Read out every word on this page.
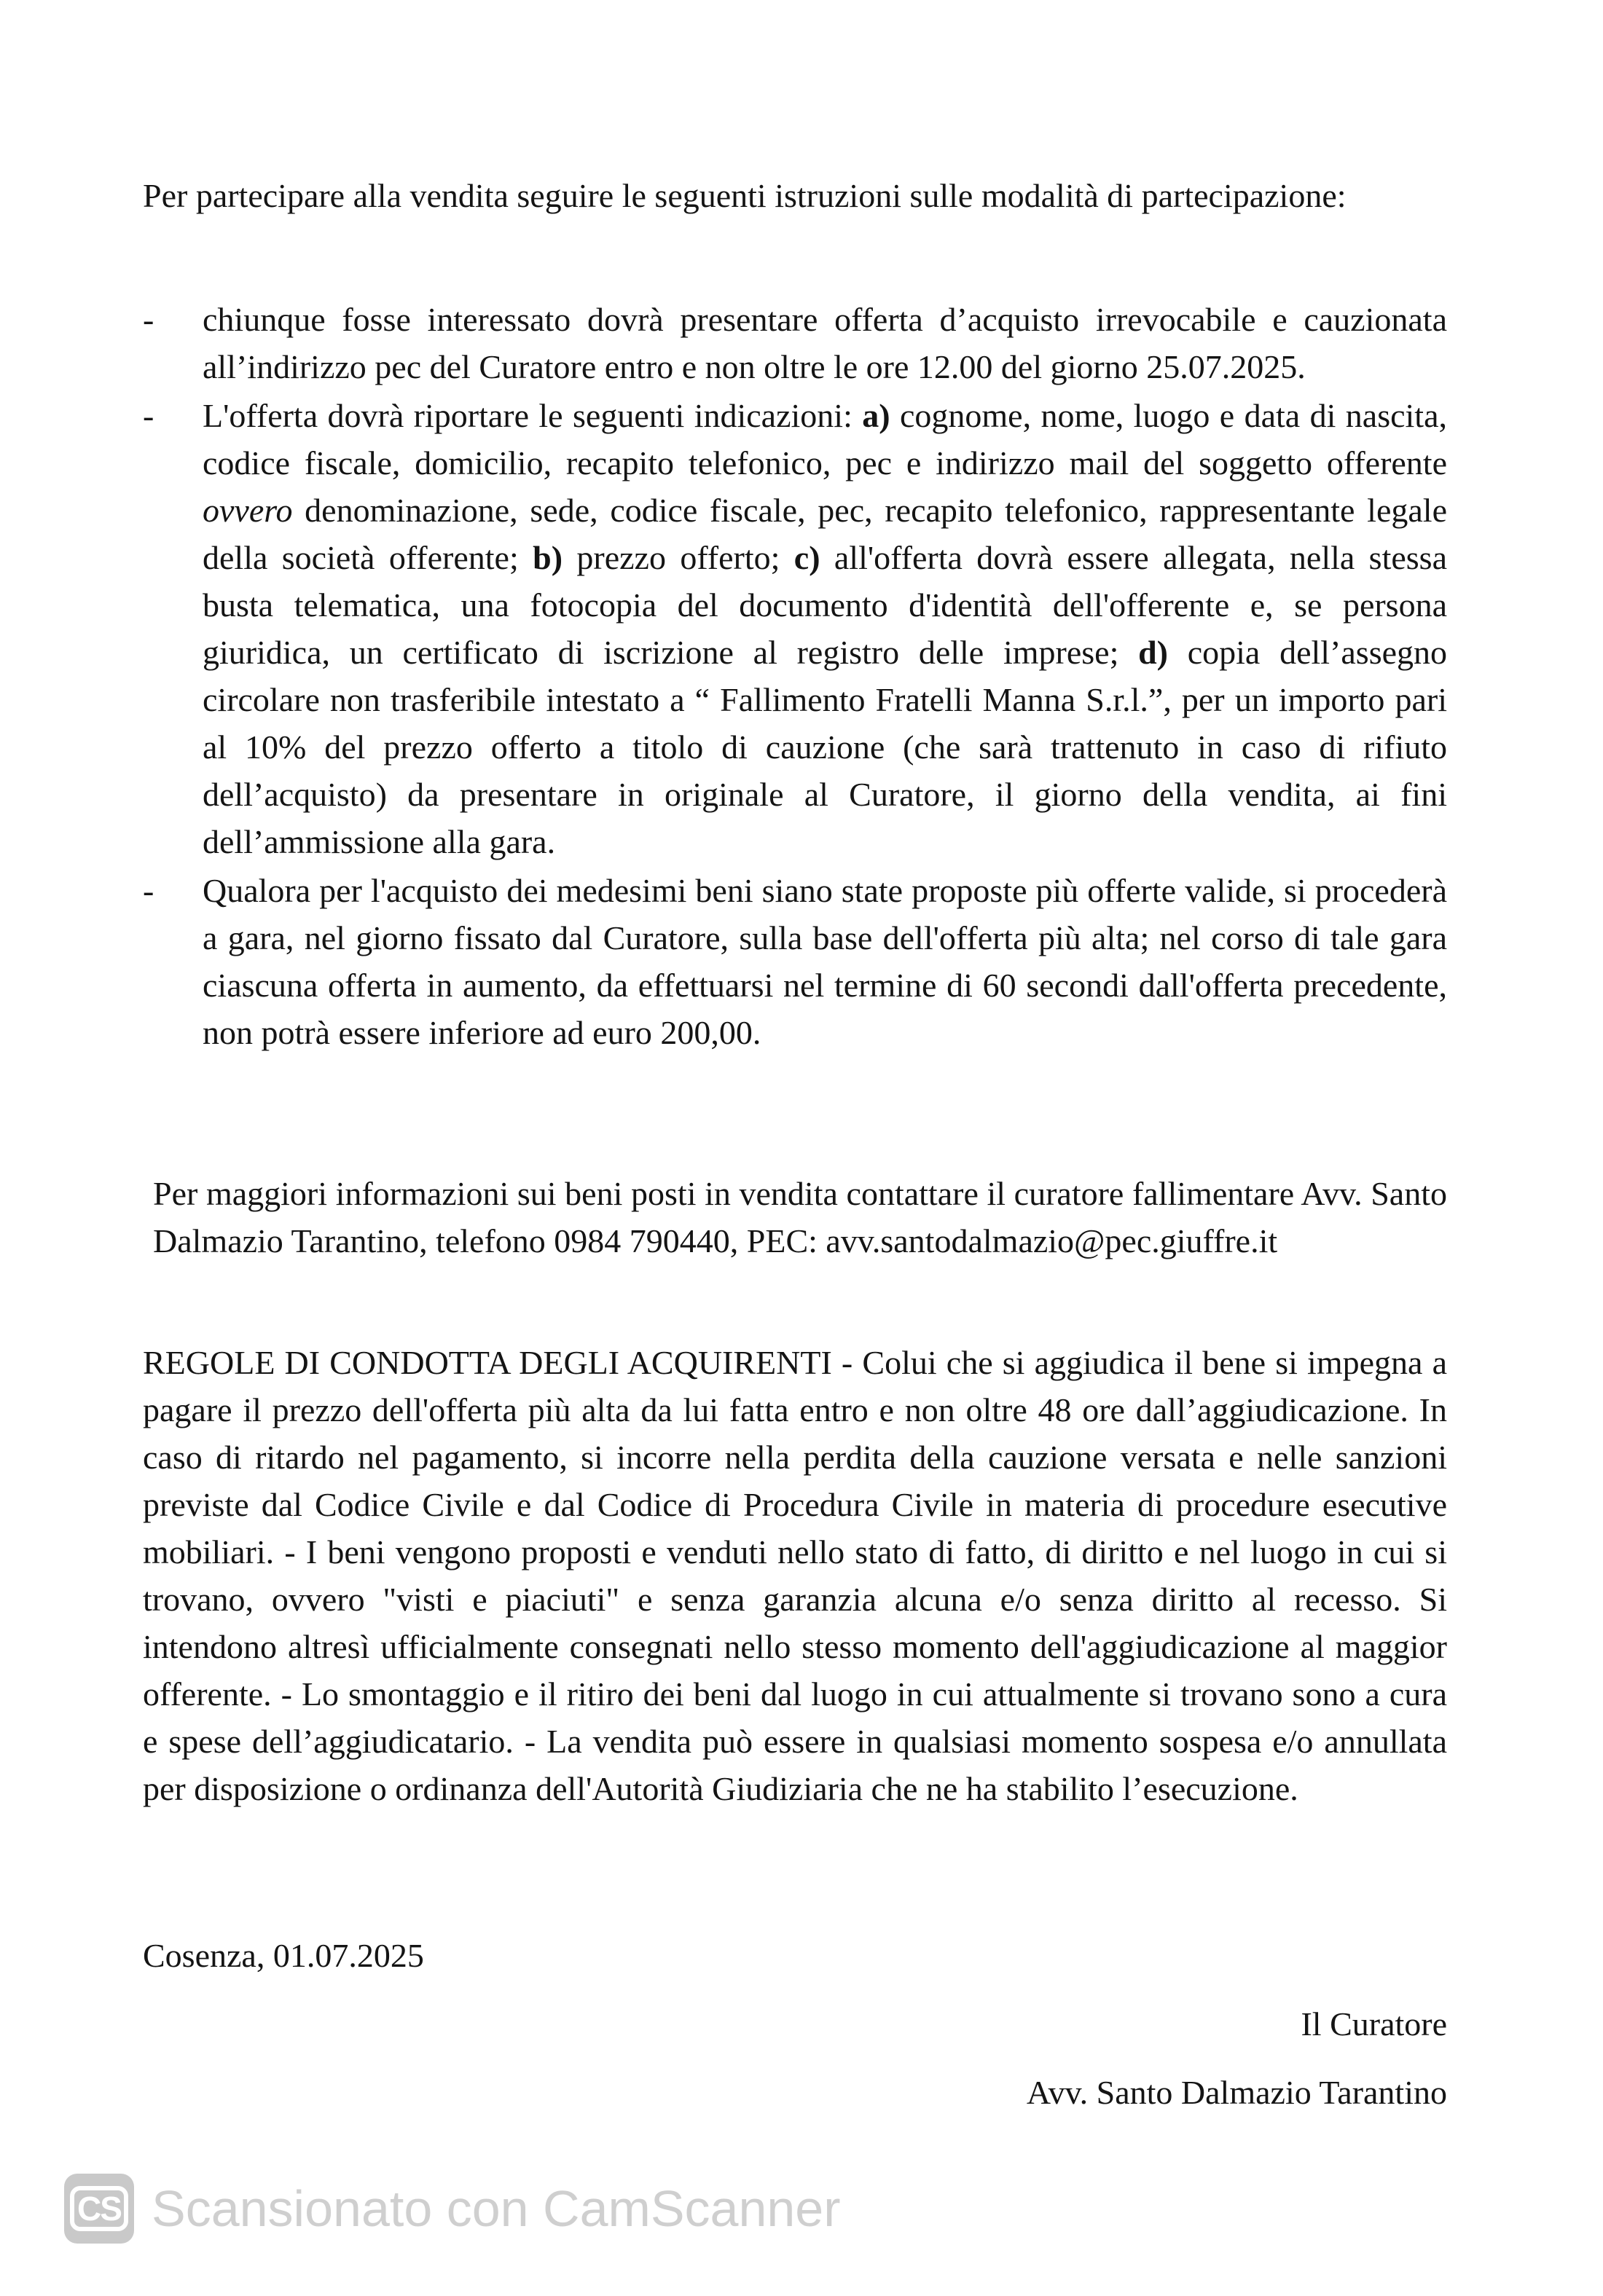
Per partecipare alla vendita seguire le seguenti istruzioni sulle modalità di partecipazione:

-	chiunque fosse interessato dovrà presentare offerta d’acquisto irrevocabile e cauzionata all’indirizzo pec del Curatore entro e non oltre le ore 12.00 del giorno 25.07.2025.
-	L'offerta dovrà riportare le seguenti indicazioni: a) cognome, nome, luogo e data di nascita, codice fiscale, domicilio, recapito telefonico, pec e indirizzo mail del soggetto offerente ovvero denominazione, sede, codice fiscale, pec, recapito telefonico, rappresentante legale della società offerente; b) prezzo offerto; c) all'offerta dovrà essere allegata, nella stessa busta telematica, una fotocopia del documento d'identità dell'offerente e, se persona giuridica, un certificato di iscrizione al registro delle imprese; d) copia dell’assegno circolare non trasferibile intestato a “ Fallimento Fratelli Manna S.r.l.”, per un importo pari al 10% del prezzo offerto a titolo di cauzione (che sarà trattenuto in caso di rifiuto dell’acquisto) da presentare in originale al Curatore, il giorno della vendita, ai fini dell’ammissione alla gara.
-	Qualora per l'acquisto dei medesimi beni siano state proposte più offerte valide, si procederà a gara, nel giorno fissato dal Curatore, sulla base dell'offerta più alta; nel corso di tale gara ciascuna offerta in aumento, da effettuarsi nel termine di 60 secondi dall'offerta precedente, non potrà essere inferiore ad euro 200,00.

Per maggiori informazioni sui beni posti in vendita contattare il curatore fallimentare Avv. Santo Dalmazio Tarantino, telefono 0984 790440, PEC: avv.santodalmazio@pec.giuffre.it

REGOLE DI CONDOTTA DEGLI ACQUIRENTI - Colui che si aggiudica il bene si impegna a pagare il prezzo dell'offerta più alta da lui fatta entro e non oltre 48 ore dall’aggiudicazione. In caso di ritardo nel pagamento, si incorre nella perdita della cauzione versata e nelle sanzioni previste dal Codice Civile e dal Codice di Procedura Civile in materia di procedure esecutive mobiliari. - I beni vengono proposti e venduti nello stato di fatto, di diritto e nel luogo in cui si trovano, ovvero "visti e piaciuti" e senza garanzia alcuna e/o senza diritto al recesso. Si intendono altresì ufficialmente consegnati nello stesso momento dell'aggiudicazione al maggior offerente. - Lo smontaggio e il ritiro dei beni dal luogo in cui attualmente si trovano sono a cura e spese dell’aggiudicatario. - La vendita può essere in qualsiasi momento sospesa e/o annullata per disposizione o ordinanza dell'Autorità Giudiziaria che ne ha stabilito l’esecuzione.

Cosenza, 01.07.2025

Il Curatore
Avv. Santo Dalmazio Tarantino
CS Scansionato con CamScanner
